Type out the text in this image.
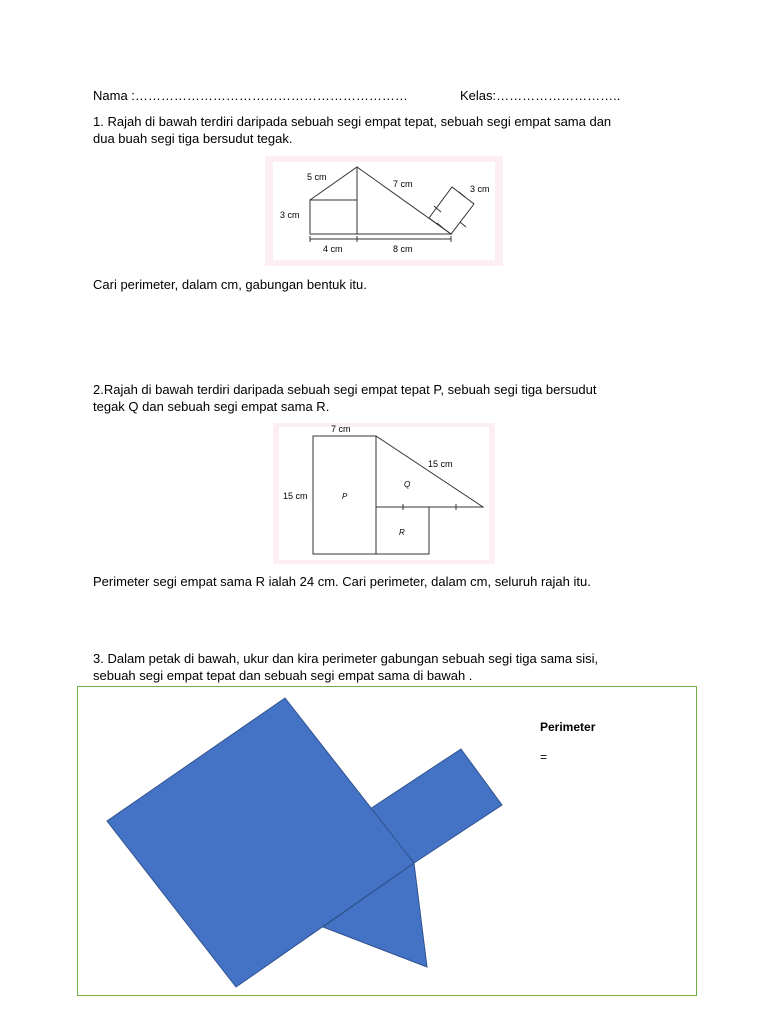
Nama :………………………………………………………	Kelas:………………………..
1. Rajah di bawah terdiri daripada sebuah segi empat tepat, sebuah segi empat sama dan
dua buah segi tiga bersudut tegak.
5 cm
3 cm
7 cm	3 cm
4 cm	8 cm
Cari perimeter, dalam cm, gabungan bentuk itu.
2.Rajah di bawah terdiri daripada sebuah segi empat tepat P, sebuah segi tiga bersudut
tegak Q dan sebuah segi empat sama R.
7 cm
15 cm
15 cm
P
Q
R
Perimeter segi empat sama R ialah 24 cm. Cari perimeter, dalam cm, seluruh rajah itu.
3. Dalam petak di bawah, ukur dan kira perimeter gabungan sebuah segi tiga sama sisi,
sebuah segi empat tepat dan sebuah segi empat sama di bawah .
Perimeter
=
